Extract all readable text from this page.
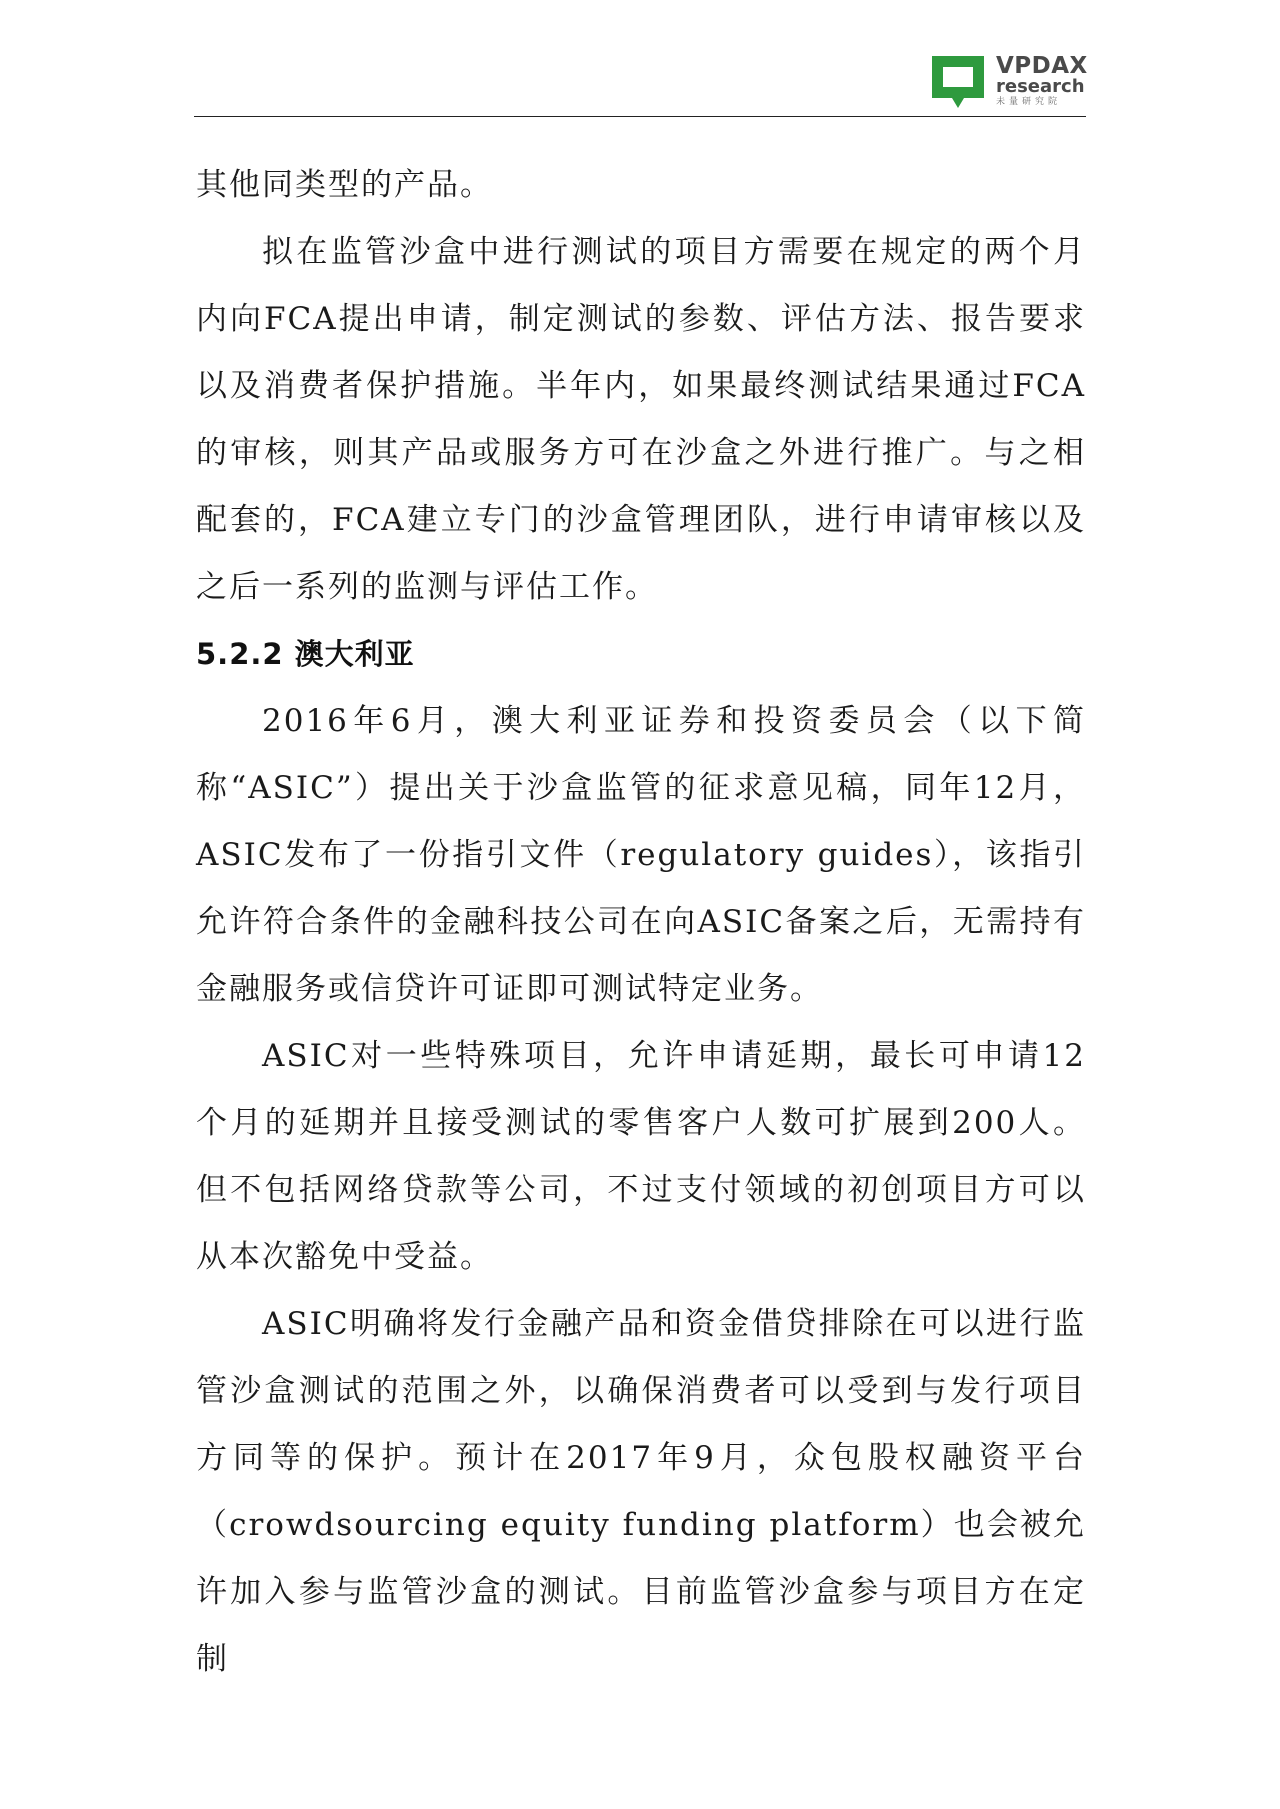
VPDAX
research
未量研究院

其他同类型的产品。

拟在监管沙盒中进行测试的项目方需要在规定的两个月内向FCA提出申请，制定测试的参数、评估方法、报告要求以及消费者保护措施。半年内，如果最终测试结果通过FCA的审核，则其产品或服务方可在沙盒之外进行推广。与之相配套的，FCA建立专门的沙盒管理团队，进行申请审核以及之后一系列的监测与评估工作。

5.2.2 澳大利亚

2016年6月，澳大利亚证券和投资委员会（以下简称“ASIC”）提出关于沙盒监管的征求意见稿，同年12月，ASIC发布了一份指引文件（regulatory guides），该指引允许符合条件的金融科技公司在向ASIC备案之后，无需持有金融服务或信贷许可证即可测试特定业务。

ASIC对一些特殊项目，允许申请延期，最长可申请12个月的延期并且接受测试的零售客户人数可扩展到200人。但不包括网络贷款等公司，不过支付领域的初创项目方可以从本次豁免中受益。

ASIC明确将发行金融产品和资金借贷排除在可以进行监管沙盒测试的范围之外，以确保消费者可以受到与发行项目方同等的保护。预计在2017年9月，众包股权融资平台（crowdsourcing equity funding platform）也会被允许加入参与监管沙盒的测试。目前监管沙盒参与项目方在定制
